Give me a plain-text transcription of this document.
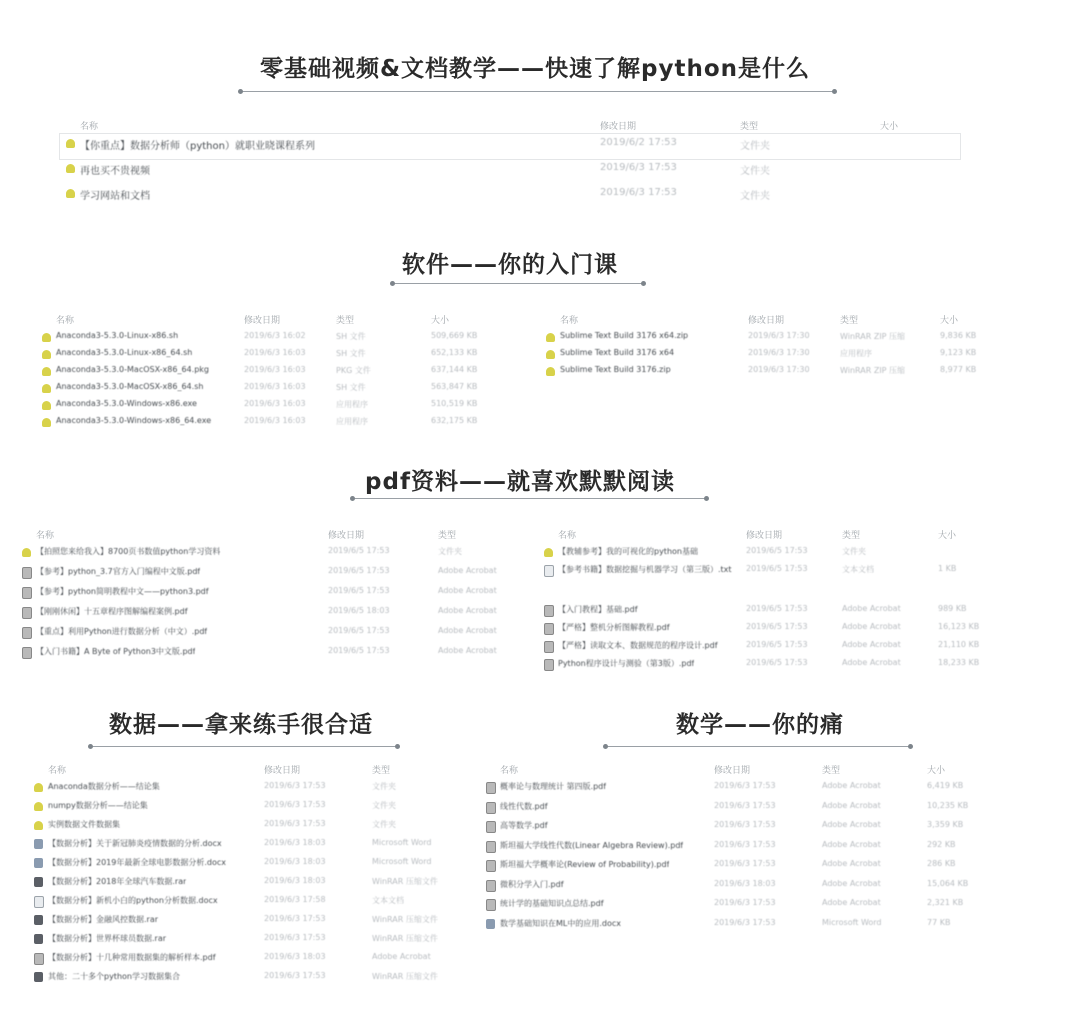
零基础视频&文档教学——快速了解python是什么
名称	修改日期	类型	大小
【你重点】数据分析师（python）就职业晓课程系列	2019/6/2 17:53	文件夹
再也买不贵视频	2019/6/3 17:53	文件夹
学习网站和文档	2019/6/3 17:53	文件夹
软件——你的入门课
名称	修改日期	类型	大小
Anaconda3-5.3.0-Linux-x86.sh	2019/6/3 16:02	SH 文件	509,669 KB
Anaconda3-5.3.0-Linux-x86_64.sh	2019/6/3 16:03	SH 文件	652,133 KB
Anaconda3-5.3.0-MacOSX-x86_64.pkg	2019/6/3 16:03	PKG 文件	637,144 KB
Anaconda3-5.3.0-MacOSX-x86_64.sh	2019/6/3 16:03	SH 文件	563,847 KB
Anaconda3-5.3.0-Windows-x86.exe	2019/6/3 16:03	应用程序	510,519 KB
Anaconda3-5.3.0-Windows-x86_64.exe	2019/6/3 16:03	应用程序	632,175 KB
名称	修改日期	类型	大小
Sublime Text Build 3176 x64.zip	2019/6/3 17:30	WinRAR ZIP 压缩	9,836 KB
Sublime Text Build 3176 x64	2019/6/3 17:30	应用程序	9,123 KB
Sublime Text Build 3176.zip	2019/6/3 17:30	WinRAR ZIP 压缩	8,977 KB
pdf资料——就喜欢默默阅读
名称	修改日期	类型
【拍照您来给我入】8700页书数值python学习资料	2019/6/5 17:53	文件夹
【参考】python_3.7官方入门编程中文版.pdf	2019/6/5 17:53	Adobe Acrobat
【参考】python简明教程中文——python3.pdf	2019/6/5 17:53	Adobe Acrobat
【刚刚休闲】十五章程序图解编程案例.pdf	2019/6/5 18:03	Adobe Acrobat
【重点】利用Python进行数据分析（中文）.pdf	2019/6/5 17:53	Adobe Acrobat
【入门书籍】A Byte of Python3中文版.pdf	2019/6/5 17:53	Adobe Acrobat
名称	修改日期	类型	大小
【教辅参考】我的可视化的python基础	2019/6/5 17:53	文件夹
【参考书籍】数据挖掘与机器学习（第三版）.txt 2019/6/5 17:53	文本文档	1 KB
【入门教程】基础.pdf	2019/6/5 17:53	Adobe Acrobat	989 KB
【严格】整机分析图解教程.pdf	2019/6/5 17:53	Adobe Acrobat	16,123 KB
【严格】读取文本、数据规范的程序设计.pdf	2019/6/5 17:53	Adobe Acrobat	21,110 KB
Python程序设计与测验（第3版）.pdf	2019/6/5 17:53	Adobe Acrobat	18,233 KB
数据——拿来练手很合适
名称	修改日期	类型
Anaconda数据分析——结论集	2019/6/3 17:53	文件夹
numpy数据分析——结论集	2019/6/3 17:53	文件夹
实例数据文件数据集	2019/6/3 17:53	文件夹
【数据分析】关于新冠肺炎疫情数据的分析.docx	2019/6/3 18:03	Microsoft Word
【数据分析】2019年最新全球电影数据分析.docx	2019/6/3 18:03	Microsoft Word
【数据分析】2018年全球汽车数据.rar	2019/6/3 18:03	WinRAR 压缩文件
【数据分析】新机小白的python分析数据.docx	2019/6/3 17:58	文本文档
【数据分析】金融风控数据.rar	2019/6/3 17:53	WinRAR 压缩文件
【数据分析】世界杯球员数据.rar	2019/6/3 17:53	WinRAR 压缩文件
【数据分析】十几种常用数据集的解析样本.pdf	2019/6/3 18:03	Adobe Acrobat
其他：二十多个python学习数据集合	2019/6/3 17:53	WinRAR 压缩文件
数学——你的痛
名称	修改日期	类型	大小
概率论与数理统计 第四版.pdf	2019/6/3 17:53	Adobe Acrobat	6,419 KB
线性代数.pdf	2019/6/3 17:53	Adobe Acrobat	10,235 KB
高等数学.pdf	2019/6/3 17:53	Adobe Acrobat	3,359 KB
斯坦福大学线性代数(Linear Algebra Review).pdf	2019/6/3 17:53	Adobe Acrobat	292 KB
斯坦福大学概率论(Review of Probability).pdf	2019/6/3 17:53	Adobe Acrobat	286 KB
微积分学入门.pdf	2019/6/3 18:03	Adobe Acrobat	15,064 KB
统计学的基础知识点总结.pdf	2019/6/3 17:53	Adobe Acrobat	2,321 KB
数学基础知识在ML中的应用.docx	2019/6/3 17:53	Microsoft Word	77 KB
